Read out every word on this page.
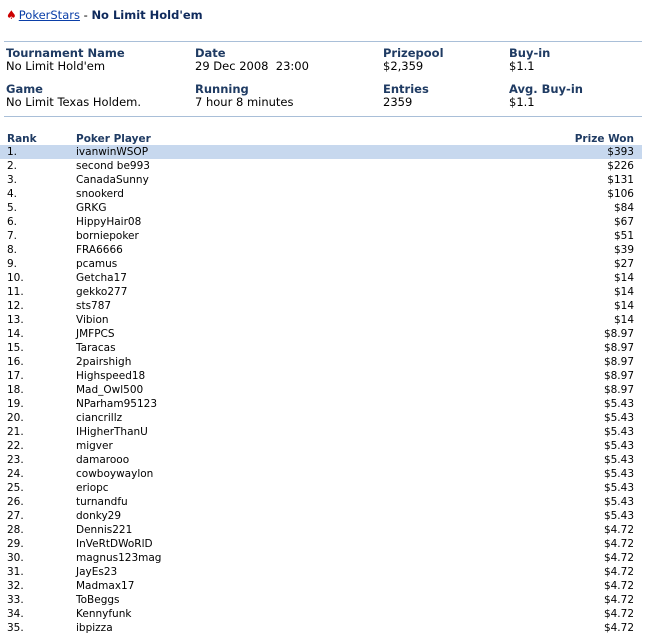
♠ PokerStars - No Limit Hold'em
Tournament Name
No Limit Hold'em
Date
29 Dec 2008  23:00
Prizepool
$2,359
Buy-in
$1.1
Game
No Limit Texas Holdem.
Running
7 hour 8 minutes
Entries
2359
Avg. Buy-in
$1.1
Rank	Poker Player	Prize Won
1.	ivanwinWSOP	$393
2.	second be993	$226
3.	CanadaSunny	$131
4.	snookerd	$106
5.	GRKG	$84
6.	HippyHair08	$67
7.	borniepoker	$51
8.	FRA6666	$39
9.	pcamus	$27
10.	Getcha17	$14
11.	gekko277	$14
12.	sts787	$14
13.	Vibion	$14
14.	JMFPCS	$8.97
15.	Taracas	$8.97
16.	2pairshigh	$8.97
17.	Highspeed18	$8.97
18.	Mad_Owl500	$8.97
19.	NParham95123	$5.43
20.	ciancrillz	$5.43
21.	IHigherThanU	$5.43
22.	migver	$5.43
23.	damarooo	$5.43
24.	cowboywaylon	$5.43
25.	eriopc	$5.43
26.	turnandfu	$5.43
27.	donky29	$5.43
28.	Dennis221	$4.72
29.	InVeRtDWoRlD	$4.72
30.	magnus123mag	$4.72
31.	JayEs23	$4.72
32.	Madmax17	$4.72
33.	ToBeggs	$4.72
34.	Kennyfunk	$4.72
35.	ibpizza	$4.72
